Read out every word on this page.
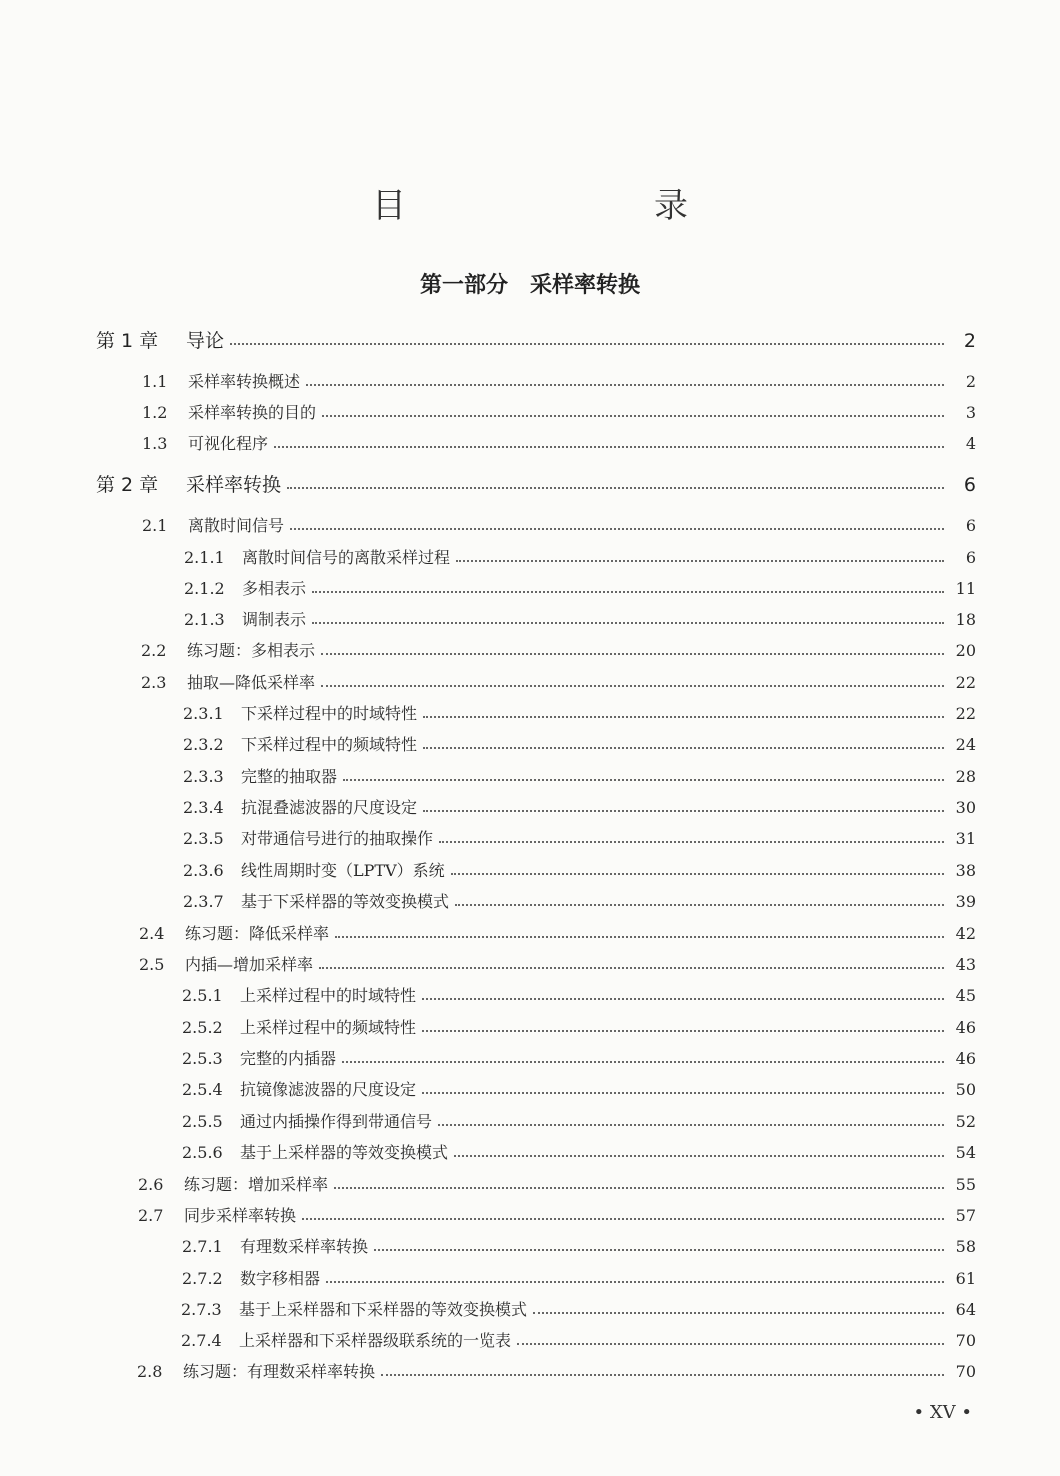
目　　录
第一部分　采样率转换
第 1 章	导论	2
1.1	采样率转换概述	2
1.2	采样率转换的目的	3
1.3	可视化程序	4
第 2 章	采样率转换	6
2.1	离散时间信号	6
2.1.1	离散时间信号的离散采样过程	6
2.1.2	多相表示	11
2.1.3	调制表示	18
2.2	练习题：多相表示	20
2.3	抽取—降低采样率	22
2.3.1	下采样过程中的时域特性	22
2.3.2	下采样过程中的频域特性	24
2.3.3	完整的抽取器	28
2.3.4	抗混叠滤波器的尺度设定	30
2.3.5	对带通信号进行的抽取操作	31
2.3.6	线性周期时变（LPTV）系统	38
2.3.7	基于下采样器的等效变换模式	39
2.4	练习题：降低采样率	42
2.5	内插—增加采样率	43
2.5.1	上采样过程中的时域特性	45
2.5.2	上采样过程中的频域特性	46
2.5.3	完整的内插器	46
2.5.4	抗镜像滤波器的尺度设定	50
2.5.5	通过内插操作得到带通信号	52
2.5.6	基于上采样器的等效变换模式	54
2.6	练习题：增加采样率	55
2.7	同步采样率转换	57
2.7.1	有理数采样率转换	58
2.7.2	数字移相器	61
2.7.3	基于上采样器和下采样器的等效变换模式	64
2.7.4	上采样器和下采样器级联系统的一览表	70
2.8	练习题：有理数采样率转换	70
• XV •
